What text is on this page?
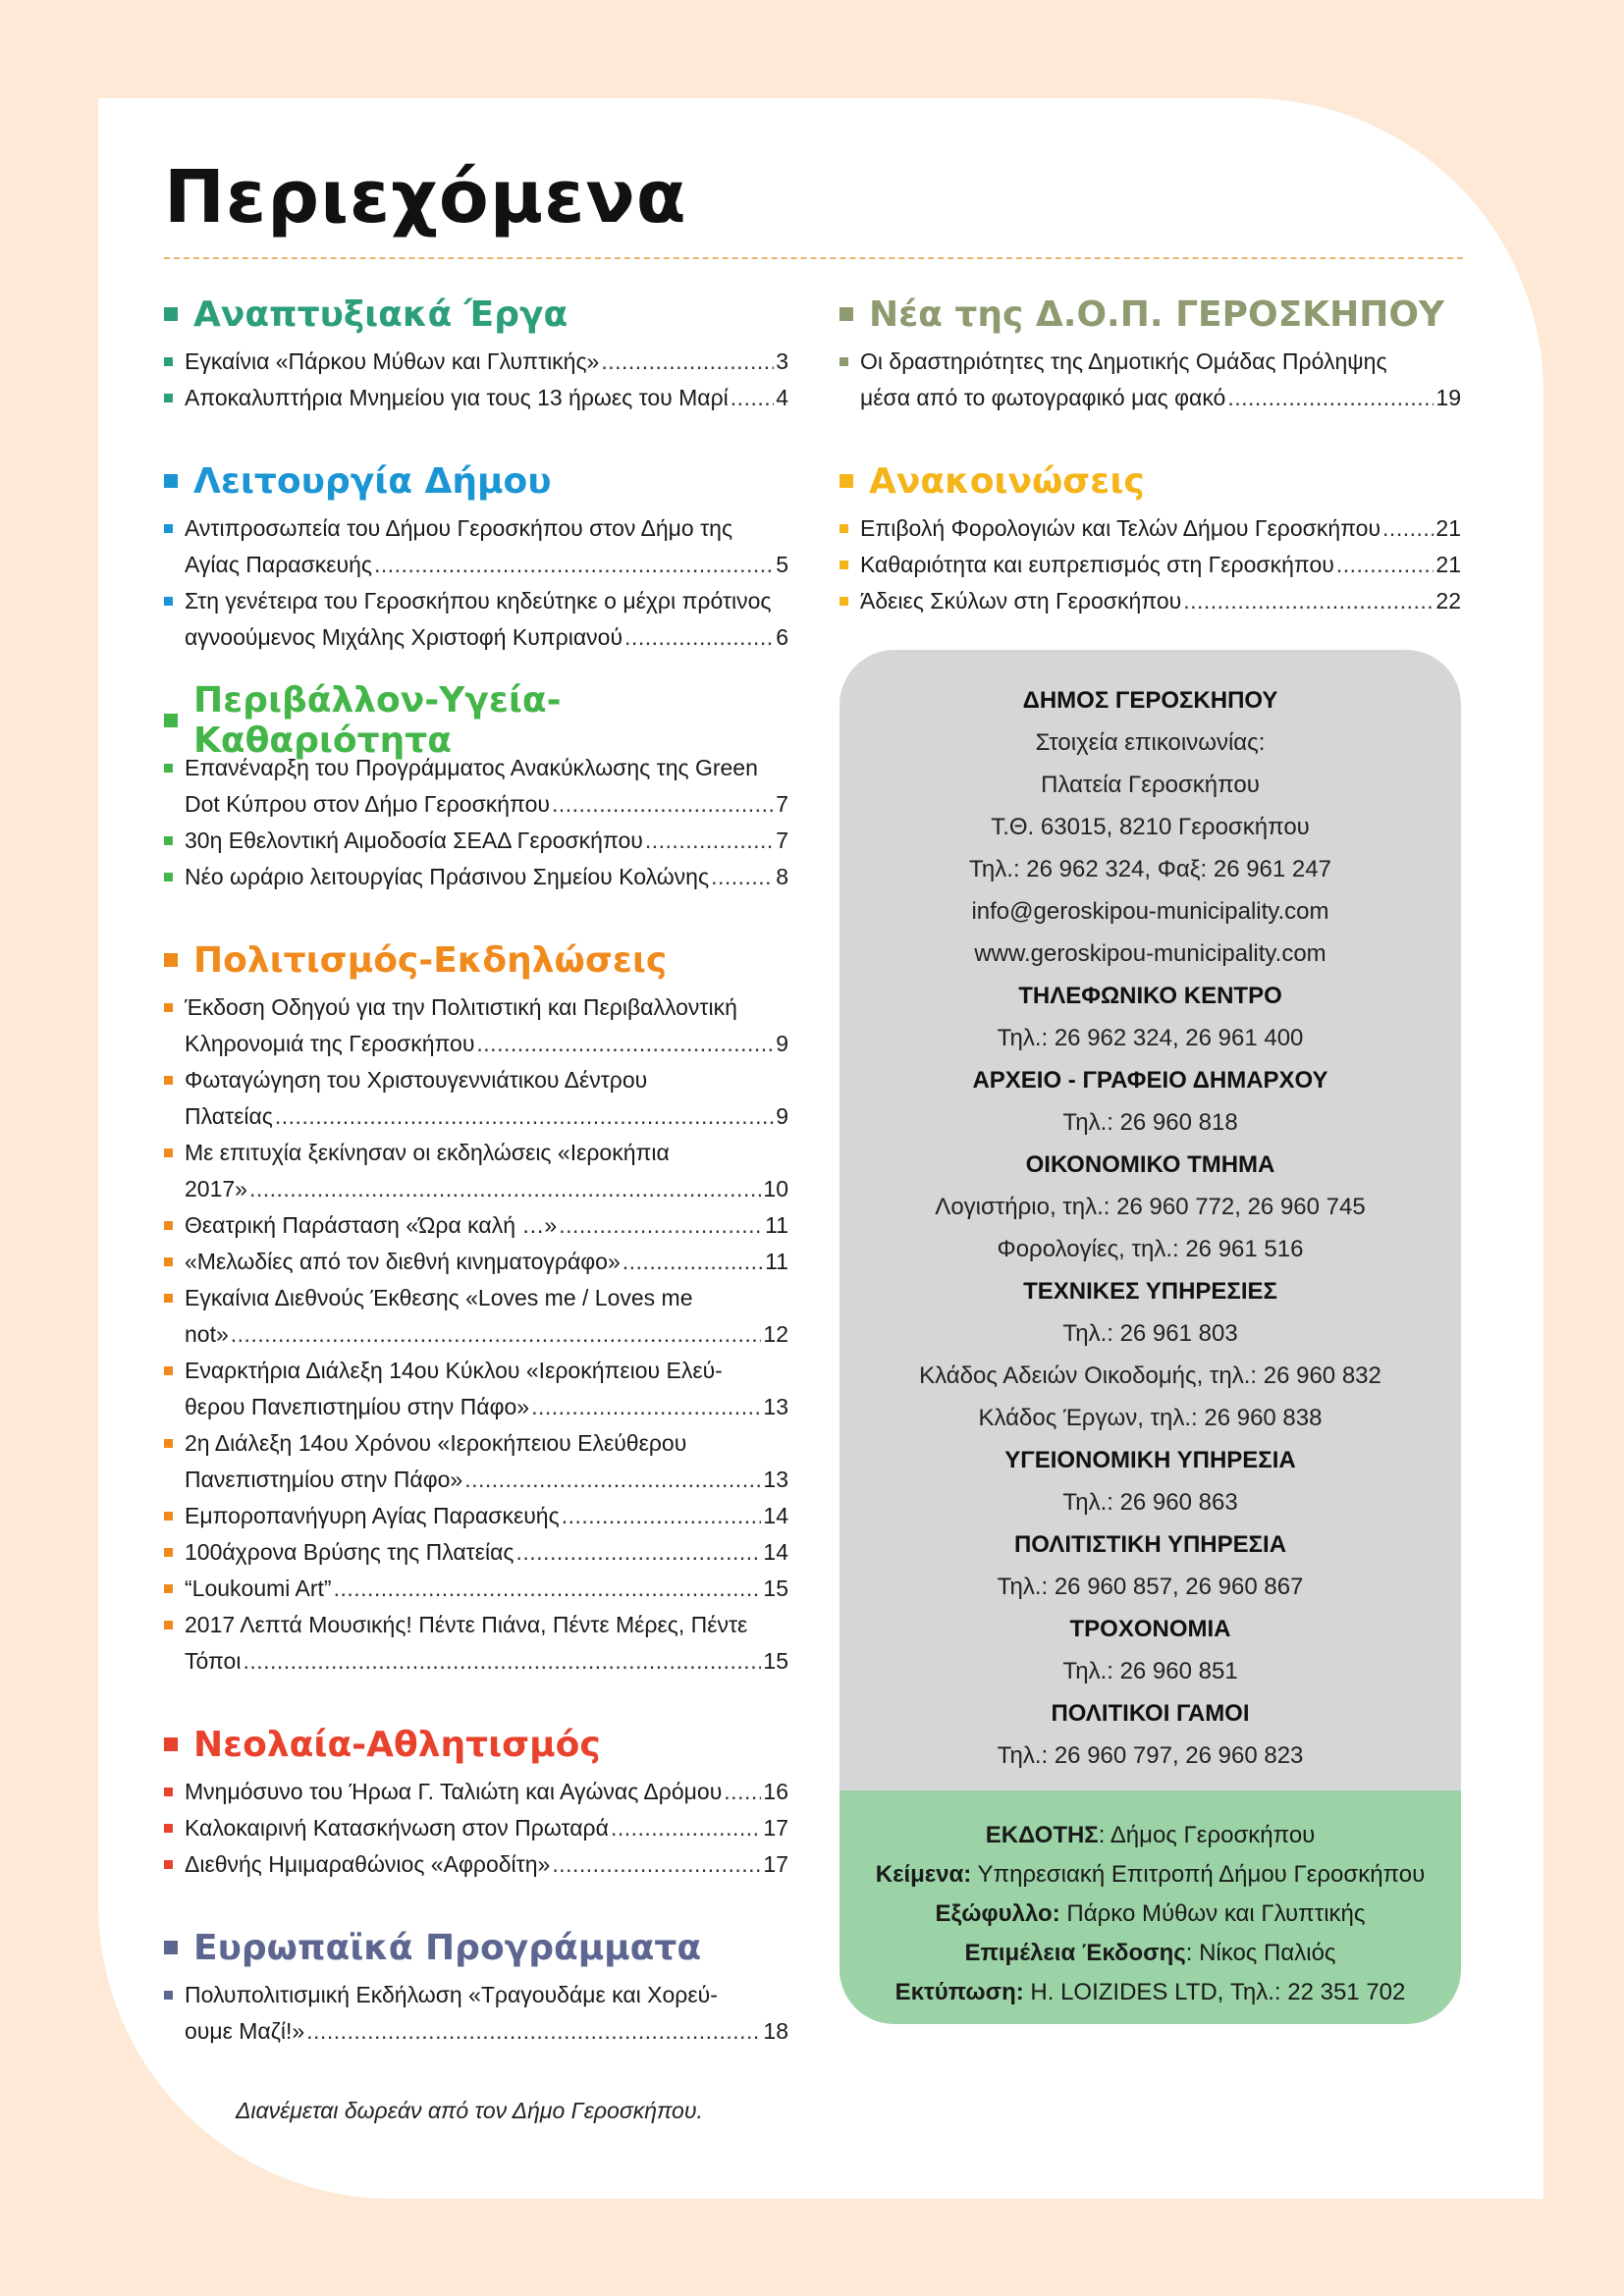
Περιεχόμενα
Αναπτυξιακά Έργα
Εγκαίνια «Πάρκου Μύθων και Γλυπτικής» .....	3
Αποκαλυπτήρια Μνημείου για τους 13 ήρωες του Μαρί ..... 4
Λειτουργία Δήμου
Αντιπροσωπεία του Δήμου Γεροσκήπου στον Δήμο της
Αγίας Παρασκευής .....	5
Στη γενέτειρα του Γεροσκήπου κηδεύτηκε ο μέχρι πρότινος
αγνοούμενος Μιχάλης Χριστοφή Κυπριανού .....	6
Περιβάλλον-Υγεία-Καθαριότητα
Επανέναρξη του Προγράμματος Ανακύκλωσης της Green
Dot Κύπρου στον Δήμο Γεροσκήπου .....	7
30η Εθελοντική Αιμοδοσία ΣΕΑΔ Γεροσκήπου .....	7
Νέο ωράριο λειτουργίας Πράσινου Σημείου Κολώνης .....	8
Πολιτισμός-Εκδηλώσεις
Έκδοση Οδηγού για την Πολιτιστική και Περιβαλλοντική
Κληρονομιά της Γεροσκήπου .....	9
Φωταγώγηση του Χριστουγεννιάτικου Δέντρου
Πλατείας .....	9
Με επιτυχία ξεκίνησαν οι εκδηλώσεις «Ιεροκήπια
2017» .....	10
Θεατρική Παράσταση «Ώρα καλή …» .....	11
«Μελωδίες από τον διεθνή κινηματογράφο» .....	11
Εγκαίνια Διεθνούς Έκθεσης «Loves me / Loves me
not» .....	12
Εναρκτήρια Διάλεξη 14ου Κύκλου «Ιεροκήπειου Ελεύ-
θερου Πανεπιστημίου στην Πάφο» .....	13
2η Διάλεξη 14ου Χρόνου «Ιεροκήπειου Ελεύθερου
Πανεπιστημίου στην Πάφο» .....	13
Εμποροπανήγυρη Αγίας Παρασκευής .....	14
100άχρονα Βρύσης της Πλατείας .....	14
“Loukoumi Art” .....	15
2017 Λεπτά Μουσικής! Πέντε Πιάνα, Πέντε Μέρες, Πέντε
Τόποι .....	15
Νεολαία-Αθλητισμός
Μνημόσυνο του Ήρωα Γ. Ταλιώτη και Αγώνας Δρόμου ..... 16
Καλοκαιρινή Κατασκήνωση στον Πρωταρά .....	17
Διεθνής Ημιμαραθώνιος «Αφροδίτη» .....	17
Ευρωπαϊκά Προγράμματα
Πολυπολιτισμική Εκδήλωση «Τραγουδάμε και Χορεύ-
ουμε Μαζί!» .....	18
Νέα της Δ.Ο.Π. ΓΕΡΟΣΚΗΠΟΥ
Οι δραστηριότητες της Δημοτικής Ομάδας Πρόληψης
μέσα από το φωτογραφικό μας φακό .....	19
Ανακοινώσεις
Επιβολή Φορολογιών και Τελών Δήμου Γεροσκήπου ..... 21
Καθαριότητα και ευπρεπισμός στη Γεροσκήπου .....	21
Άδειες Σκύλων στη Γεροσκήπου .....	22
ΔΗΜΟΣ ΓΕΡΟΣΚΗΠΟΥ
Στοιχεία επικοινωνίας:
Πλατεία Γεροσκήπου
Τ.Θ. 63015, 8210 Γεροσκήπου
Τηλ.: 26 962 324, Φαξ: 26 961 247
info@geroskipou-municipality.com
www.geroskipou-municipality.com
ΤΗΛΕΦΩΝΙΚΟ ΚΕΝΤΡΟ
Τηλ.: 26 962 324, 26 961 400
ΑΡΧΕΙΟ - ΓΡΑΦΕΙΟ ΔΗΜΑΡΧΟΥ
Τηλ.: 26 960 818
ΟΙΚΟΝΟΜΙΚΟ ΤΜΗΜΑ
Λογιστήριο, τηλ.: 26 960 772, 26 960 745
Φορολογίες, τηλ.: 26 961 516
ΤΕΧΝΙΚΕΣ ΥΠΗΡΕΣΙΕΣ
Τηλ.: 26 961 803
Κλάδος Αδειών Οικοδομής, τηλ.: 26 960 832
Κλάδος Έργων, τηλ.: 26 960 838
ΥΓΕΙΟΝΟΜΙΚΗ ΥΠΗΡΕΣΙΑ
Τηλ.: 26 960 863
ΠΟΛΙΤΙΣΤΙΚΗ ΥΠΗΡΕΣΙΑ
Τηλ.: 26 960 857, 26 960 867
ΤΡΟΧΟΝΟΜΙΑ
Τηλ.: 26 960 851
ΠΟΛΙΤΙΚΟΙ ΓΑΜΟΙ
Τηλ.: 26 960 797, 26 960 823
ΕΚΔΟΤΗΣ: Δήμος Γεροσκήπου
Κείμενα: Υπηρεσιακή Επιτροπή Δήμου Γεροσκήπου
Εξώφυλλο: Πάρκο Μύθων και Γλυπτικής
Επιμέλεια Έκδοσης: Νίκος Παλιός
Εκτύπωση: H. LOIZIDES LTD, Τηλ.: 22 351 702
Διανέμεται δωρεάν από τον Δήμο Γεροσκήπου.
